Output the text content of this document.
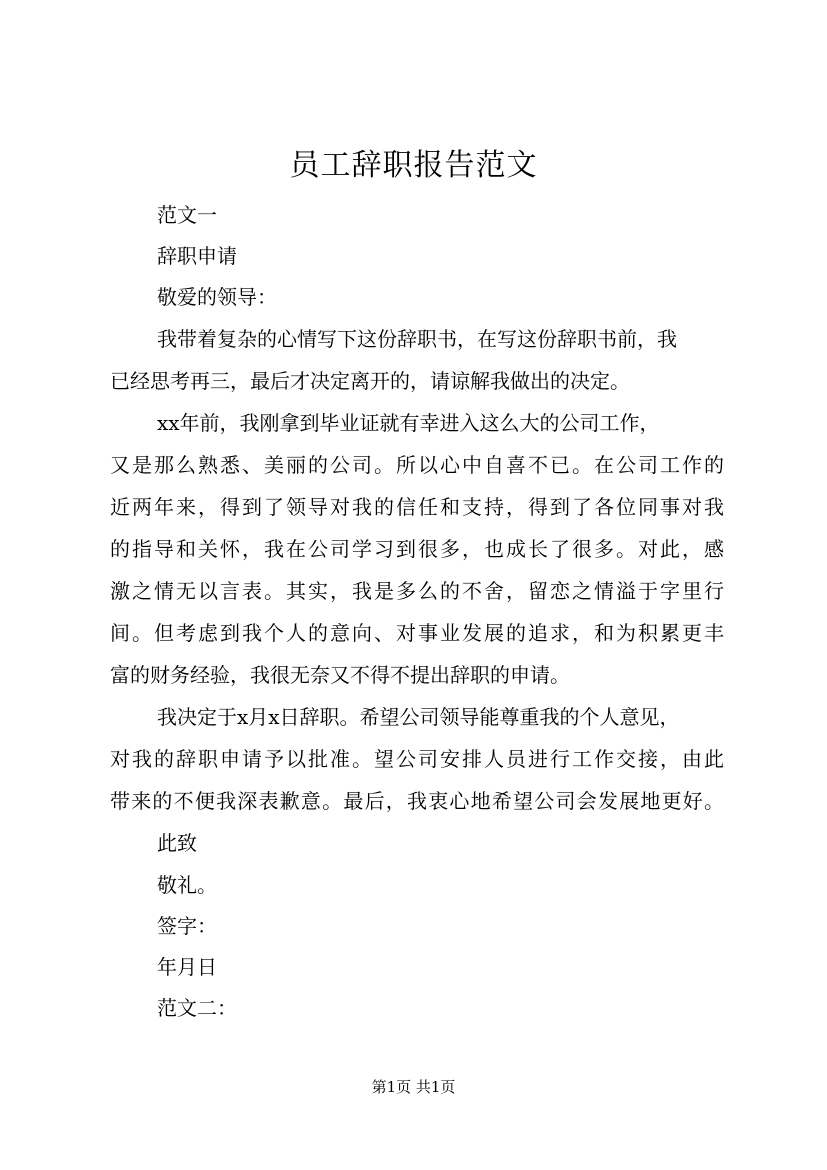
员工辞职报告范文
范文一
辞职申请
敬爱的领导：
我带着复杂的心情写下这份辞职书，在写这份辞职书前，我
已经思考再三，最后才决定离开的，请谅解我做出的决定。
xx年前，我刚拿到毕业证就有幸进入这么大的公司工作，
又是那么熟悉、美丽的公司。所以心中自喜不已。在公司工作的
近两年来，得到了领导对我的信任和支持，得到了各位同事对我
的指导和关怀，我在公司学习到很多，也成长了很多。对此，感
激之情无以言表。其实，我是多么的不舍，留恋之情溢于字里行
间。但考虑到我个人的意向、对事业发展的追求，和为积累更丰
富的财务经验，我很无奈又不得不提出辞职的申请。
我决定于x月x日辞职。希望公司领导能尊重我的个人意见，
对我的辞职申请予以批准。望公司安排人员进行工作交接，由此
带来的不便我深表歉意。最后，我衷心地希望公司会发展地更好。
此致
敬礼。
签字：
年月日
范文二：
第1页 共1页
